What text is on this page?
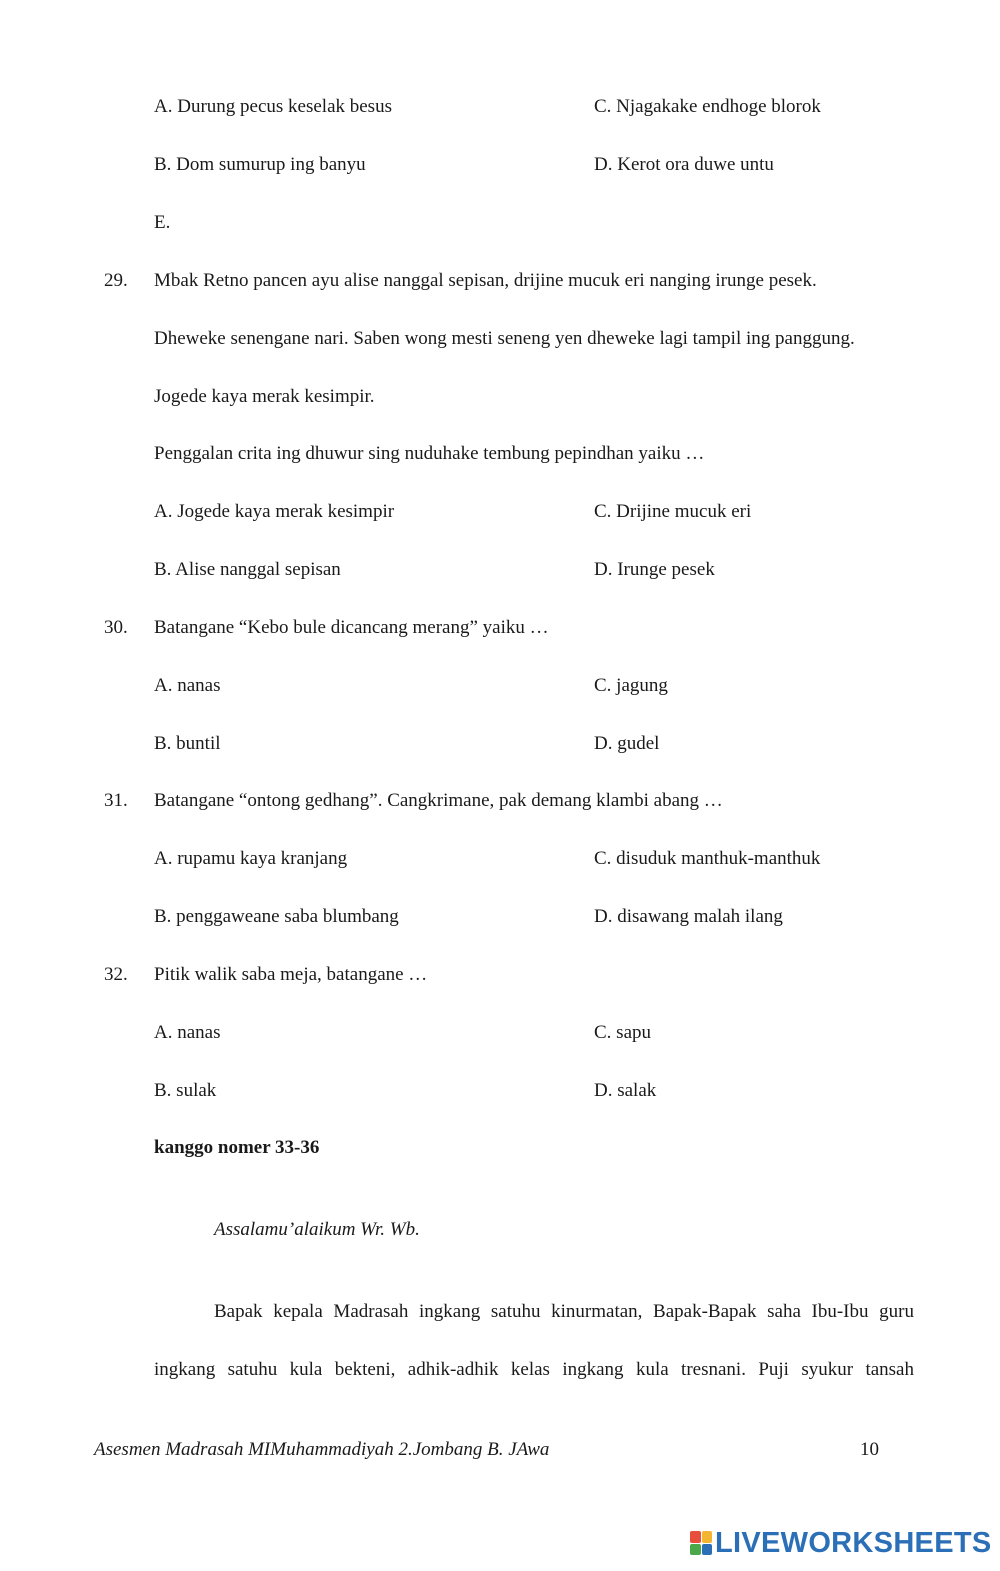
A. Durung pecus keselak besus	C. Njagakake endhoge blorok
B. Dom sumurup ing banyu	D. Kerot ora duwe untu
E.
29. Mbak Retno pancen ayu alise nanggal sepisan, drijine mucuk eri nanging irunge pesek.
Dheweke senengane nari. Saben wong mesti seneng yen dheweke lagi tampil ing panggung.
Jogede kaya merak kesimpir.
Penggalan crita ing dhuwur sing nuduhake tembung pepindhan yaiku …
A. Jogede kaya merak kesimpir	C. Drijine mucuk eri
B. Alise nanggal sepisan	D. Irunge pesek
30. Batangane “Kebo bule dicancang merang” yaiku …
A. nanas	C. jagung
B. buntil	D. gudel
31. Batangane “ontong gedhang”. Cangkrimane, pak demang klambi abang …
A. rupamu kaya kranjang	C. disuduk manthuk-manthuk
B. penggaweane saba blumbang	D. disawang malah ilang
32. Pitik walik saba meja, batangane …
A. nanas	C. sapu
B. sulak	D. salak
kanggo nomer 33-36
Assalamu’alaikum Wr. Wb.
Bapak kepala Madrasah ingkang satuhu kinurmatan, Bapak-Bapak saha Ibu-Ibu guru
ingkang satuhu kula bekteni, adhik-adhik kelas ingkang kula tresnani. Puji syukur tansah
Asesmen Madrasah MIMuhammadiyah 2.Jombang B. JAwa	10
LIVEWORKSHEETS
